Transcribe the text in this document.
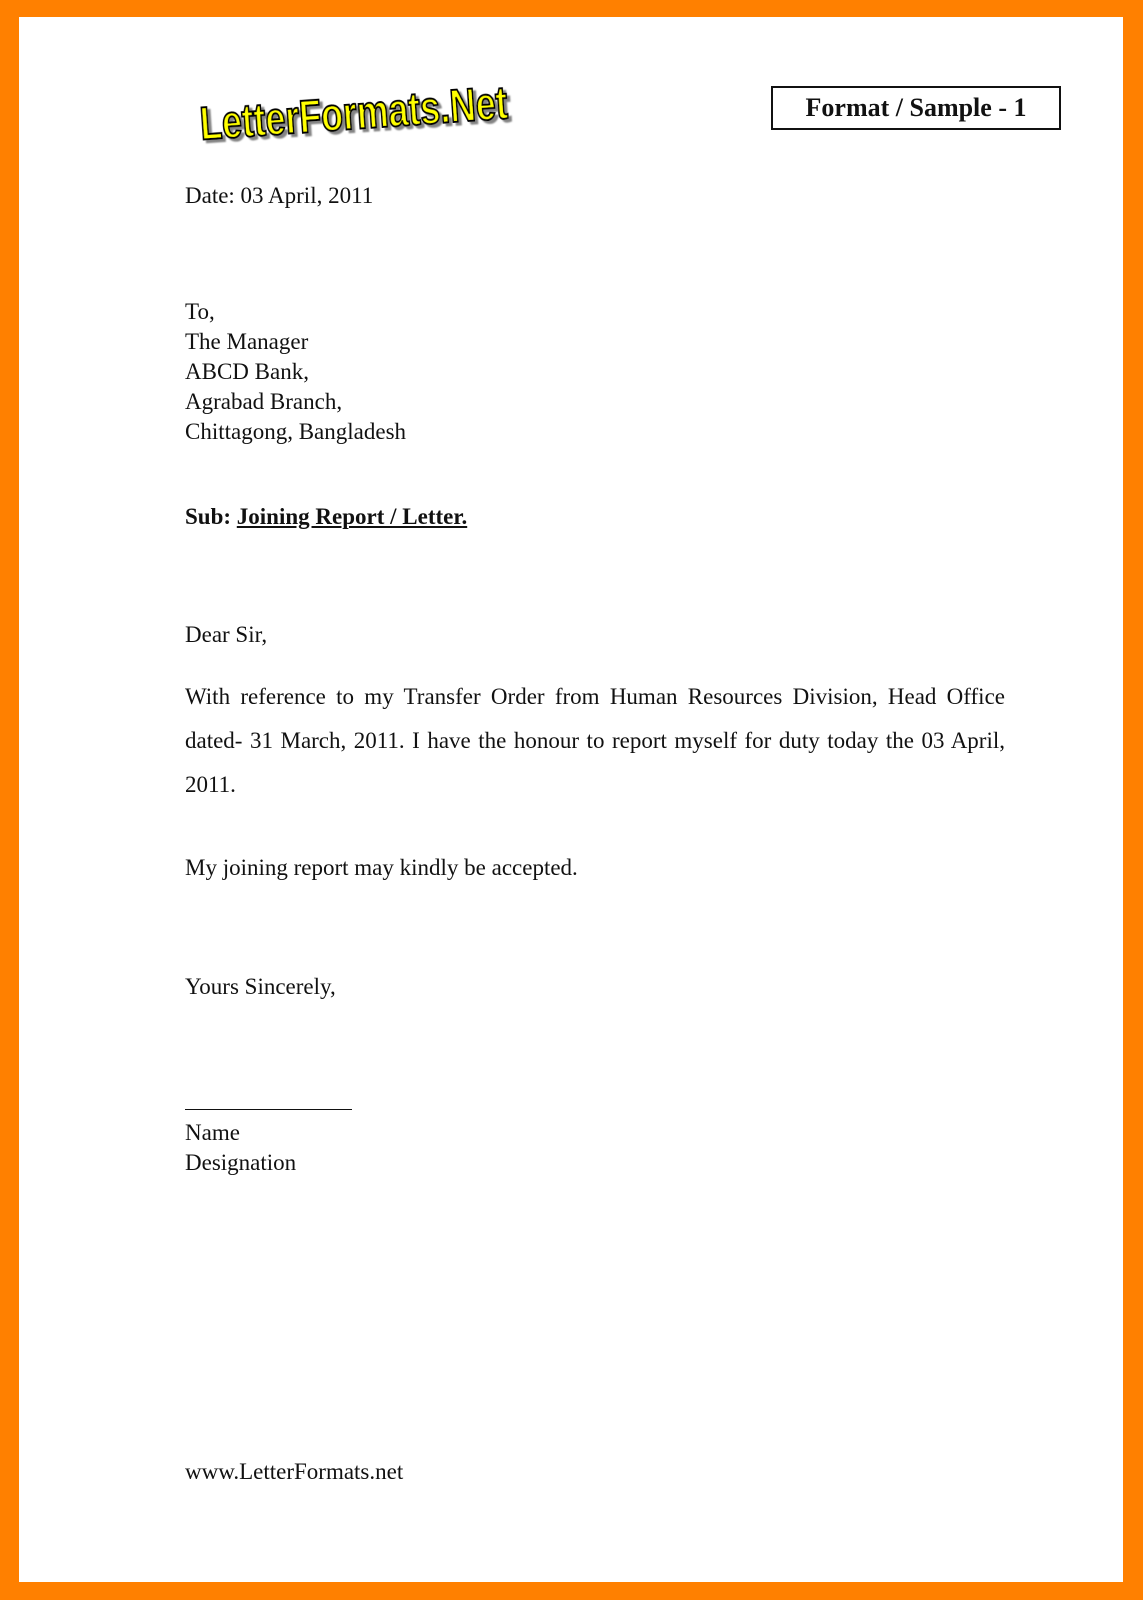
LetterFormats.Net	Format / Sample - 1
Date: 03 April, 2011
To,
The Manager
ABCD Bank,
Agrabad Branch,
Chittagong, Bangladesh
Sub: Joining Report / Letter.
Dear Sir,
With reference to my Transfer Order from Human Resources Division, Head Office dated- 31 March, 2011. I have the honour to report myself for duty today the 03 April, 2011.
My joining report may kindly be accepted.
Yours Sincerely,
Name
Designation
www.LetterFormats.net
